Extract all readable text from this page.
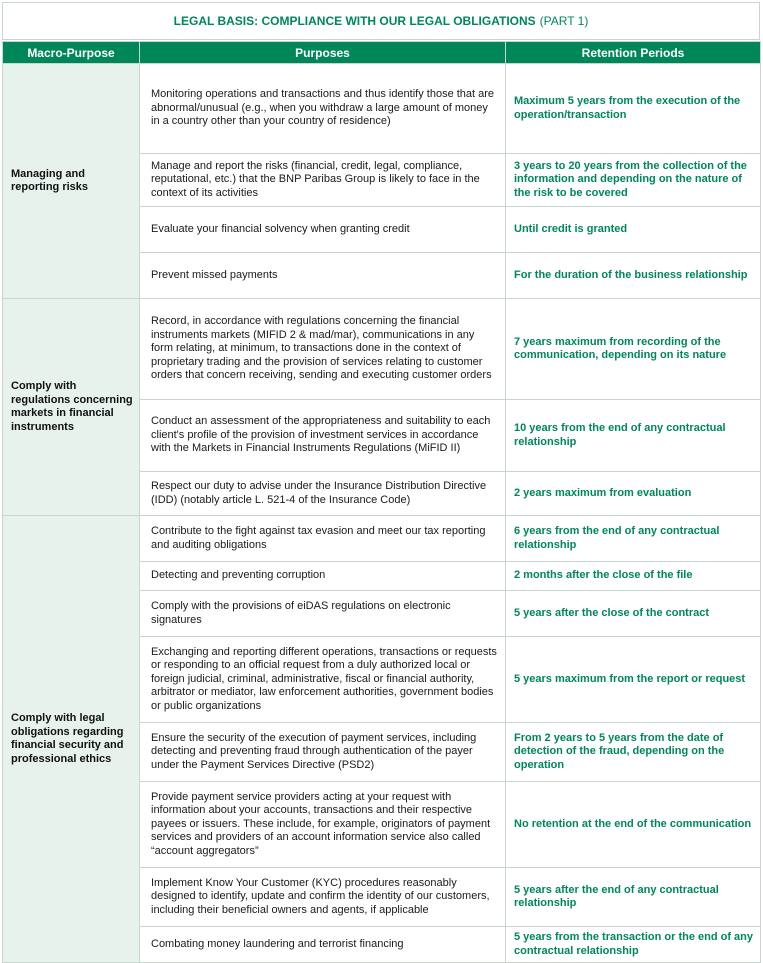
LEGAL BASIS: COMPLIANCE WITH OUR LEGAL OBLIGATIONS (PART 1)
Macro-Purpose	Purposes	Retention Periods
Managing and reporting risks	Monitoring operations and transactions and thus identify those that are abnormal/unusual (e.g., when you withdraw a large amount of money in a country other than your country of residence)	Maximum 5 years from the execution of the operation/transaction
	Manage and report the risks (financial, credit, legal, compliance, reputational, etc.) that the BNP Paribas Group is likely to face in the context of its activities	3 years to 20 years from the collection of the information and depending on the nature of the risk to be covered
	Evaluate your financial solvency when granting credit	Until credit is granted
	Prevent missed payments	For the duration of the business relationship
Comply with regulations concerning markets in financial instruments	Record, in accordance with regulations concerning the financial instruments markets (MIFID 2 & mad/mar), communications in any form relating, at minimum, to transactions done in the context of proprietary trading and the provision of services relating to customer orders that concern receiving, sending and executing customer orders	7 years maximum from recording of the communication, depending on its nature
	Conduct an assessment of the appropriateness and suitability to each client's profile of the provision of investment services in accordance with the Markets in Financial Instruments Regulations (MiFID II)	10 years from the end of any contractual relationship
	Respect our duty to advise under the Insurance Distribution Directive (IDD) (notably article L. 521-4 of the Insurance Code)	2 years maximum from evaluation
Comply with legal obligations regarding financial security and professional ethics	Contribute to the fight against tax evasion and meet our tax reporting and auditing obligations	6 years from the end of any contractual relationship
	Detecting and preventing corruption	2 months after the close of the file
	Comply with the provisions of eiDAS regulations on electronic signatures	5 years after the close of the contract
	Exchanging and reporting different operations, transactions or requests or responding to an official request from a duly authorized local or foreign judicial, criminal, administrative, fiscal or financial authority, arbitrator or mediator, law enforcement authorities, government bodies or public organizations	5 years maximum from the report or request
	Ensure the security of the execution of payment services, including detecting and preventing fraud through authentication of the payer under the Payment Services Directive (PSD2)	From 2 years to 5 years from the date of detection of the fraud, depending on the operation
	Provide payment service providers acting at your request with information about your accounts, transactions and their respective payees or issuers. These include, for example, originators of payment services and providers of an account information service also called “account aggregators”	No retention at the end of the communication
	Implement Know Your Customer (KYC) procedures reasonably designed to identify, update and confirm the identity of our customers, including their beneficial owners and agents, if applicable	5 years after the end of any contractual relationship
	Combating money laundering and terrorist financing	5 years from the transaction or the end of any contractual relationship
